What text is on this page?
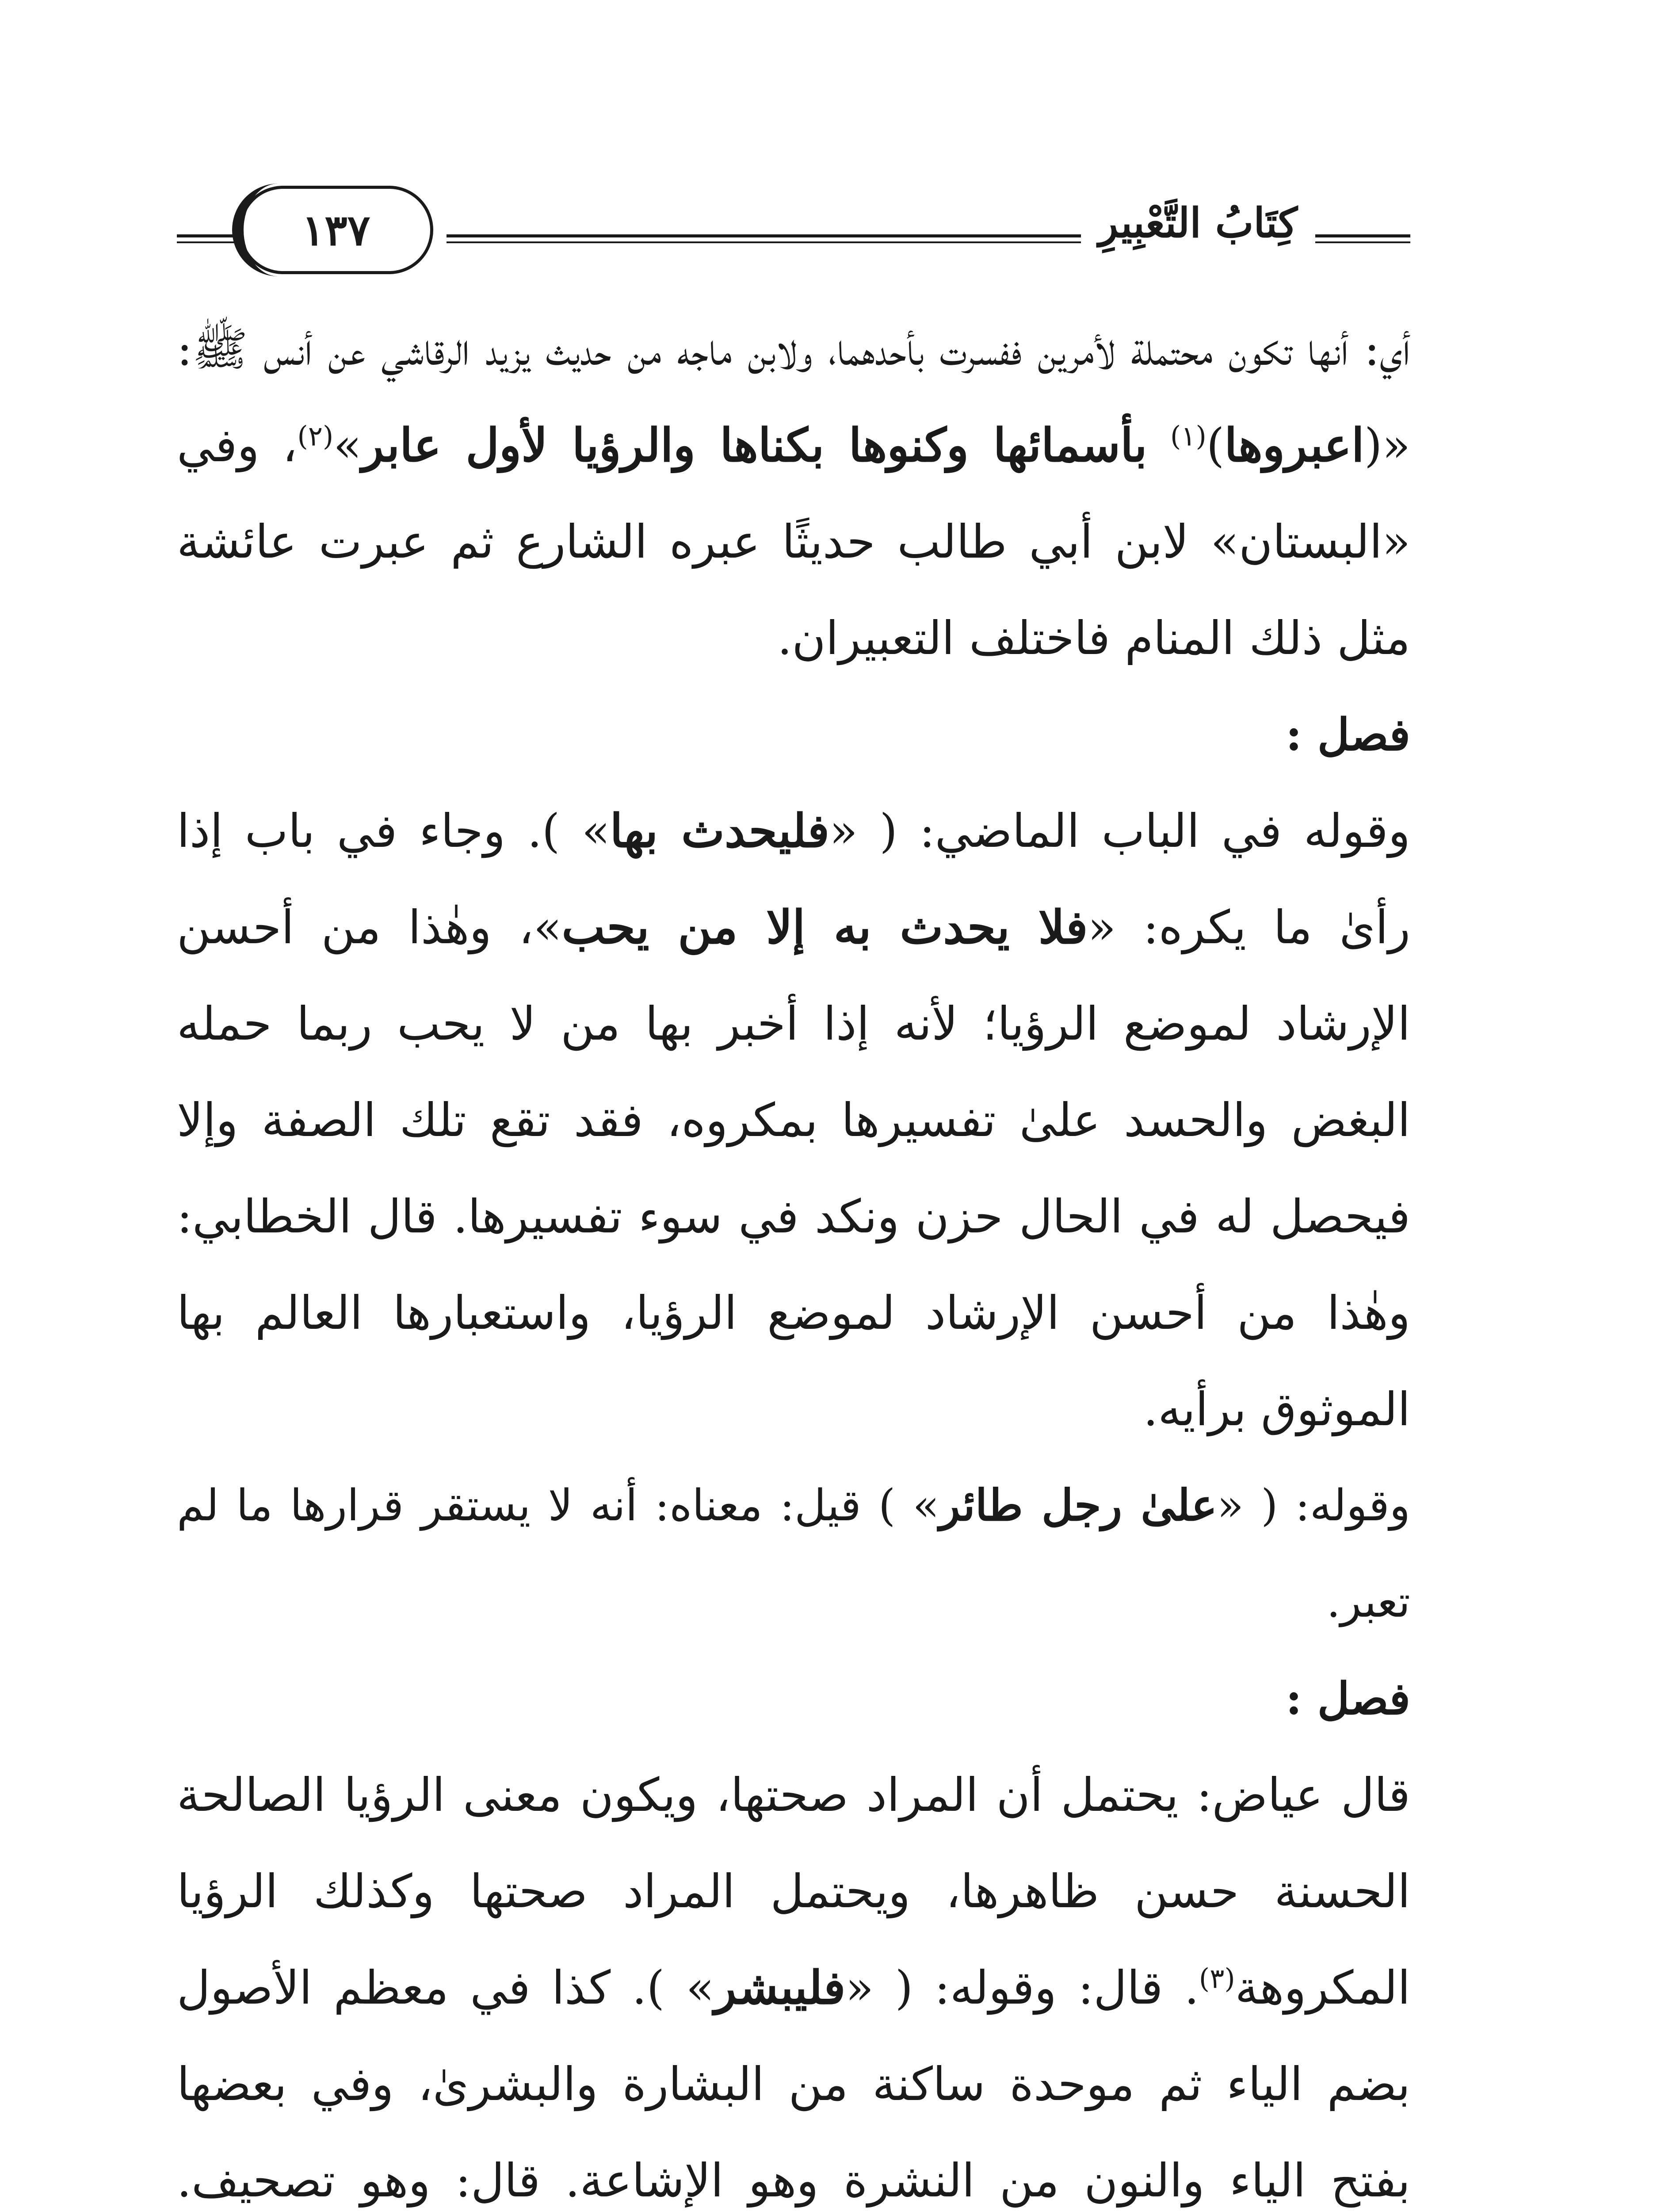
كِتَابُ التَّعْبِيرِ
١٣٧

أي: أنها تكون محتملة لأمرين ففسرت بأحدهما، ولابن ماجه من حديث يزيد الرقاشي عن أنس ﷺ: «(اعبروها)$^{(١)}$ بأسمائها وكنوها بكناها والرؤيا لأول عابر»$^{(٢)}$، وفي «البستان» لابن أبي طالب حديثًا عبره الشارع ثم عبرت عائشة مثل ذلك المنام فاختلف التعبيران.

فصل :

وقوله في الباب الماضي: ( «فليحدث بها» ). وجاء في باب إذا رأىٰ ما يكره: «فلا يحدث به إلا من يحب»، وهٰذا من أحسن الإرشاد لموضع الرؤيا؛ لأنه إذا أخبر بها من لا يحب ربما حمله البغض والحسد علىٰ تفسيرها بمكروه، فقد تقع تلك الصفة وإلا فيحصل له في الحال حزن ونكد في سوء تفسيرها. قال الخطابي: وهٰذا من أحسن الإرشاد لموضع الرؤيا، واستعبارها العالم بها الموثوق برأيه.

وقوله: ( «علىٰ رجل طائر» ) قيل: معناه: أنه لا يستقر قرارها ما لم تعبر.

فصل :

قال عياض: يحتمل أن المراد صحتها، ويكون معنى الرؤيا الصالحة الحسنة حسن ظاهرها، ويحتمل المراد صحتها وكذلك الرؤيا المكروهة$^{(٣)}$. قال: وقوله: ( «فليبشر» ). كذا في معظم الأصول بضم الياء ثم موحدة ساكنة من البشارة والبشرىٰ، وفي بعضها بفتح الياء والنون من النشرة وهو الإشاعة. قال: وهو تصحيف.
